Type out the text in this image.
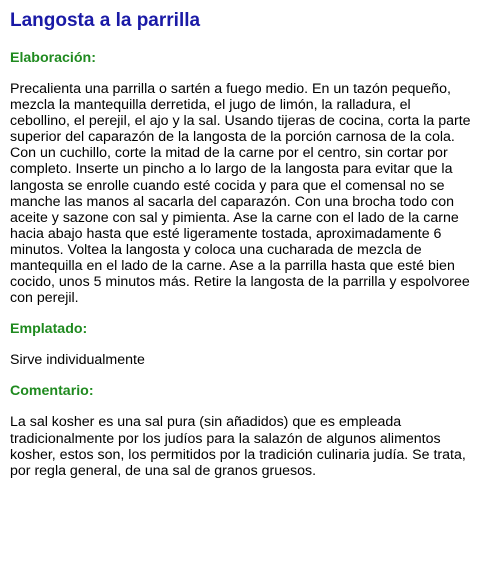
Langosta a la parrilla
Elaboración:

Precalienta una parrilla o sartén a fuego medio. En un tazón pequeño, mezcla la mantequilla derretida, el jugo de limón, la ralladura, el cebollino, el perejil, el ajo y la sal. Usando tijeras de cocina, corta la parte superior del caparazón de la langosta de la porción carnosa de la cola. Con un cuchillo, corte la mitad de la carne por el centro, sin cortar por completo. Inserte un pincho a lo largo de la langosta para evitar que la langosta se enrolle cuando esté cocida y para que el comensal no se manche las manos al sacarla del caparazón. Con una brocha todo con aceite y sazone con sal y pimienta. Ase la carne con el lado de la carne hacia abajo hasta que esté ligeramente tostada, aproximadamente 6 minutos. Voltea la langosta y coloca una cucharada de mezcla de mantequilla en el lado de la carne. Ase a la parrilla hasta que esté bien cocido, unos 5 minutos más. Retire la langosta de la parrilla y espolvoree con perejil.

Emplatado:

Sirve individualmente

Comentario:

La sal kosher es una sal pura (sin añadidos) que es empleada tradicionalmente por los judíos para la salazón de algunos alimentos kosher, estos son, los permitidos por la tradición culinaria judía. Se trata, por regla general, de una sal de granos gruesos.
